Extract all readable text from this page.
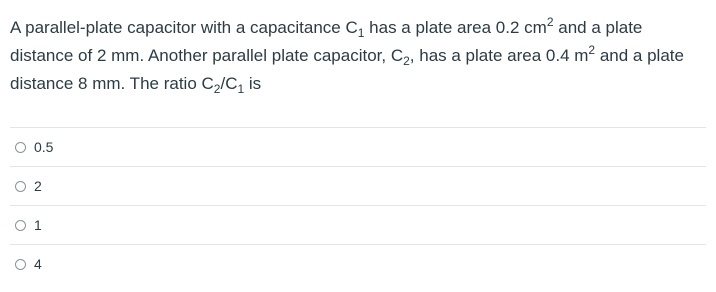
A parallel-plate capacitor with a capacitance $C_1$ has a plate area 0.2 $cm^2$ and a plate distance of 2 mm. Another parallel plate capacitor, $C_2$, has a plate area 0.4 $m^2$ and a plate distance 8 mm. The ratio $C_2/C_1$ is
0.5
2
1
4
